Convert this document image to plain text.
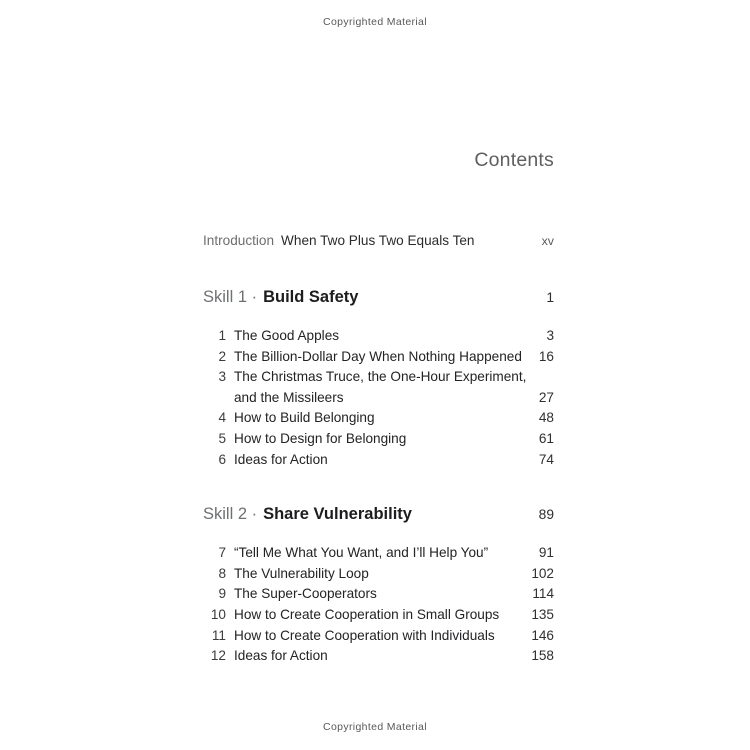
Copyrighted Material
Contents
Introduction When Two Plus Two Equals Ten	xv
Skill 1 · Build Safety	1
1 The Good Apples	3
2 The Billion-Dollar Day When Nothing Happened 16
3 The Christmas Truce, the One-Hour Experiment,
and the Missileers	27
4 How to Build Belonging	48
5 How to Design for Belonging	61
6 Ideas for Action	74
Skill 2 · Share Vulnerability	89
7 “Tell Me What You Want, and I’ll Help You”	91
8 The Vulnerability Loop	102
9 The Super-Cooperators	114
10 How to Create Cooperation in Small Groups 135
11 How to Create Cooperation with Individuals	146
12 Ideas for Action	158
Copyrighted Material
